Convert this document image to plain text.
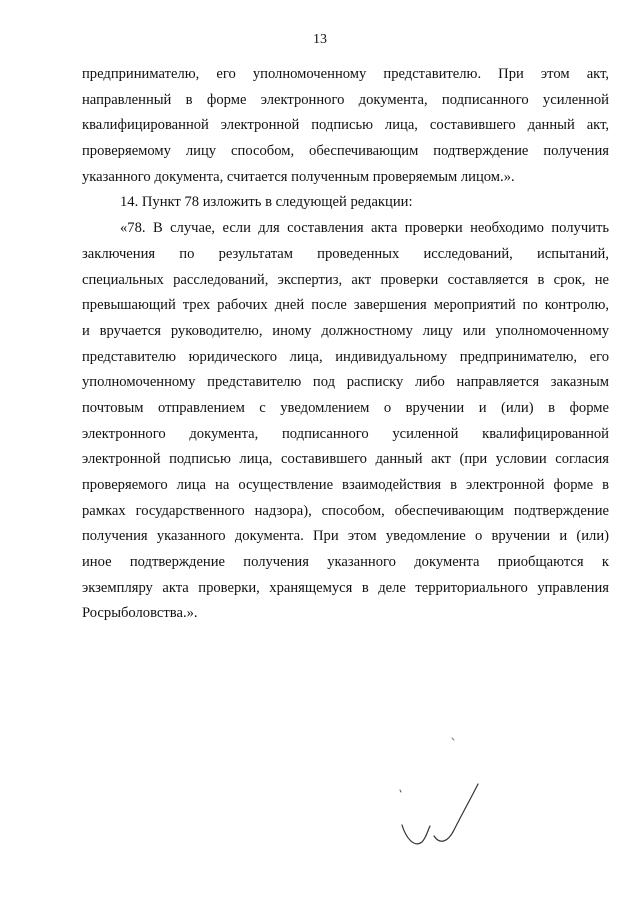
13
предпринимателю, его уполномоченному представителю. При этом акт,
направленный в форме электронного документа, подписанного усиленной
квалифицированной электронной подписью лица, составившего данный акт,
проверяемому лицу способом, обеспечивающим подтверждение получения
указанного документа, считается полученным проверяемым лицом.».
14. Пункт 78 изложить в следующей редакции:
«78. В случае, если для составления акта проверки необходимо получить
заключения по результатам проведенных исследований, испытаний,
специальных расследований, экспертиз, акт проверки составляется в срок, не
превышающий трех рабочих дней после завершения мероприятий по контролю,
и вручается руководителю, иному должностному лицу или уполномоченному
представителю юридического лица, индивидуальному предпринимателю, его
уполномоченному представителю под расписку либо направляется заказным
почтовым отправлением с уведомлением о вручении и (или) в форме
электронного документа, подписанного усиленной квалифицированной
электронной подписью лица, составившего данный акт (при условии согласия
проверяемого лица на осуществление взаимодействия в электронной форме в
рамках государственного надзора), способом, обеспечивающим подтверждение
получения указанного документа. При этом уведомление о вручении и (или)
иное подтверждение получения указанного документа приобщаются к
экземпляру акта проверки, хранящемуся в деле территориального управления
Росрыболовства.».
